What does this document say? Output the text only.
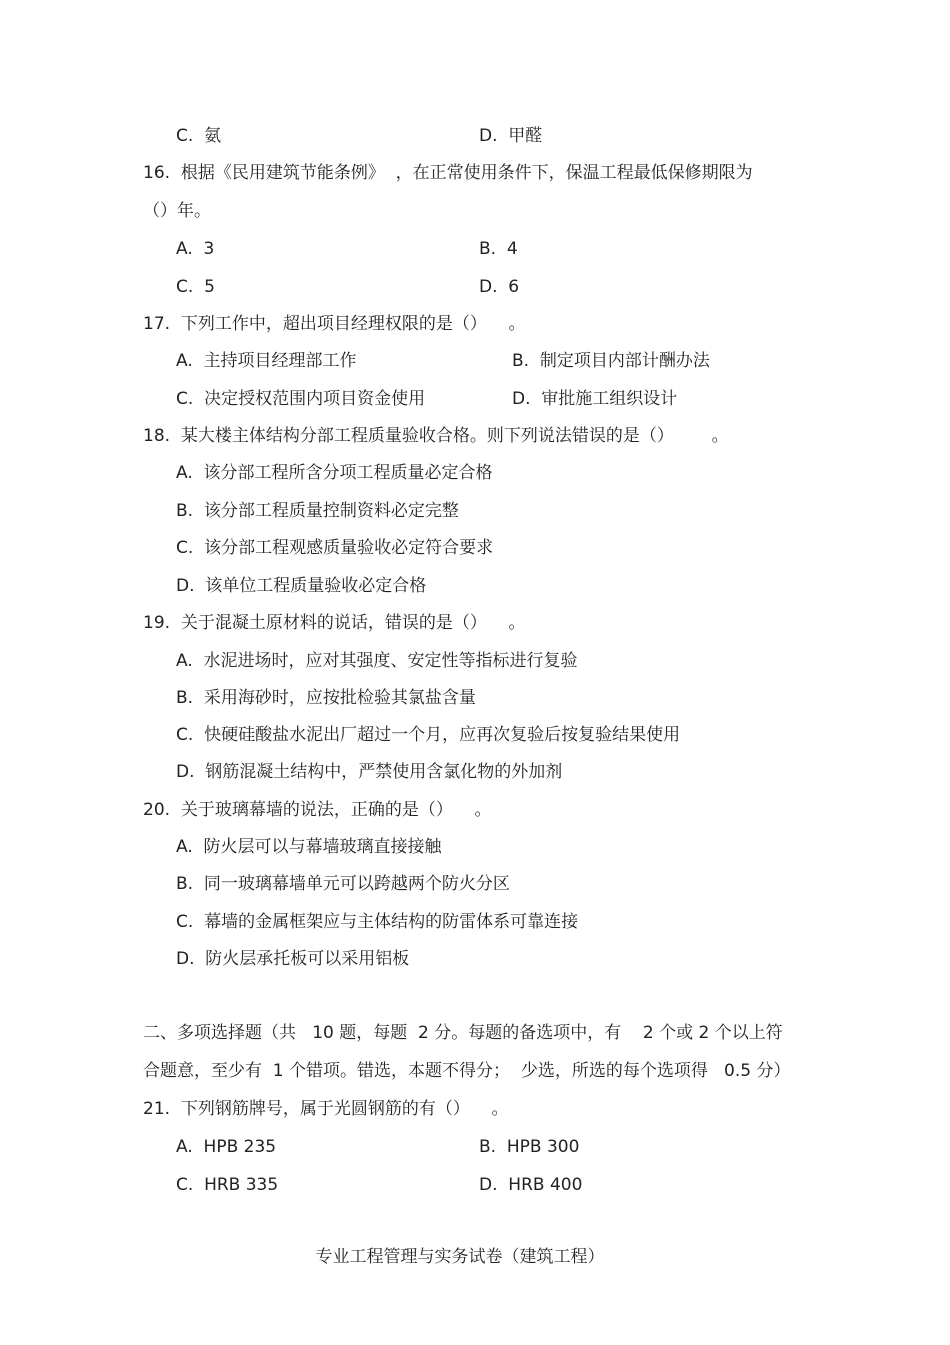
C.  氨	D.  甲醛
16.  根据《民用建筑节能条例》  ，在正常使用条件下，保温工程最低保修期限为
（）年。
A.  3	B.  4
C.  5	D.  6
17.  下列工作中，超出项目经理权限的是（）    。
A.  主持项目经理部工作	B.  制定项目内部计酬办法
C.  决定授权范围内项目资金使用	D.  审批施工组织设计
18.  某大楼主体结构分部工程质量验收合格。则下列说法错误的是（）       。
A.  该分部工程所含分项工程质量必定合格
B.  该分部工程质量控制资料必定完整
C.  该分部工程观感质量验收必定符合要求
D.  该单位工程质量验收必定合格
19.  关于混凝土原材料的说话，错误的是（）    。
A.  水泥进场时，应对其强度、安定性等指标进行复验
B.  采用海砂时，应按批检验其氯盐含量
C.  快硬硅酸盐水泥出厂超过一个月，应再次复验后按复验结果使用
D.  钢筋混凝土结构中，严禁使用含氯化物的外加剂
20.  关于玻璃幕墙的说法，正确的是（）    。
A.  防火层可以与幕墙玻璃直接接触
B.  同一玻璃幕墙单元可以跨越两个防火分区
C.  幕墙的金属框架应与主体结构的防雷体系可靠连接
D.  防火层承托板可以采用铝板
二、多项选择题（共   10 题，每题  2 分。每题的备选项中，有    2 个或 2 个以上符
合题意，至少有  1 个错项。错选，本题不得分；  少选，所选的每个选项得   0.5 分）
21.  下列钢筋牌号，属于光圆钢筋的有（）    。
A.  HPB 235	B.  HPB 300
C.  HRB 335	D.  HRB 400
专业工程管理与实务试卷（建筑工程）
